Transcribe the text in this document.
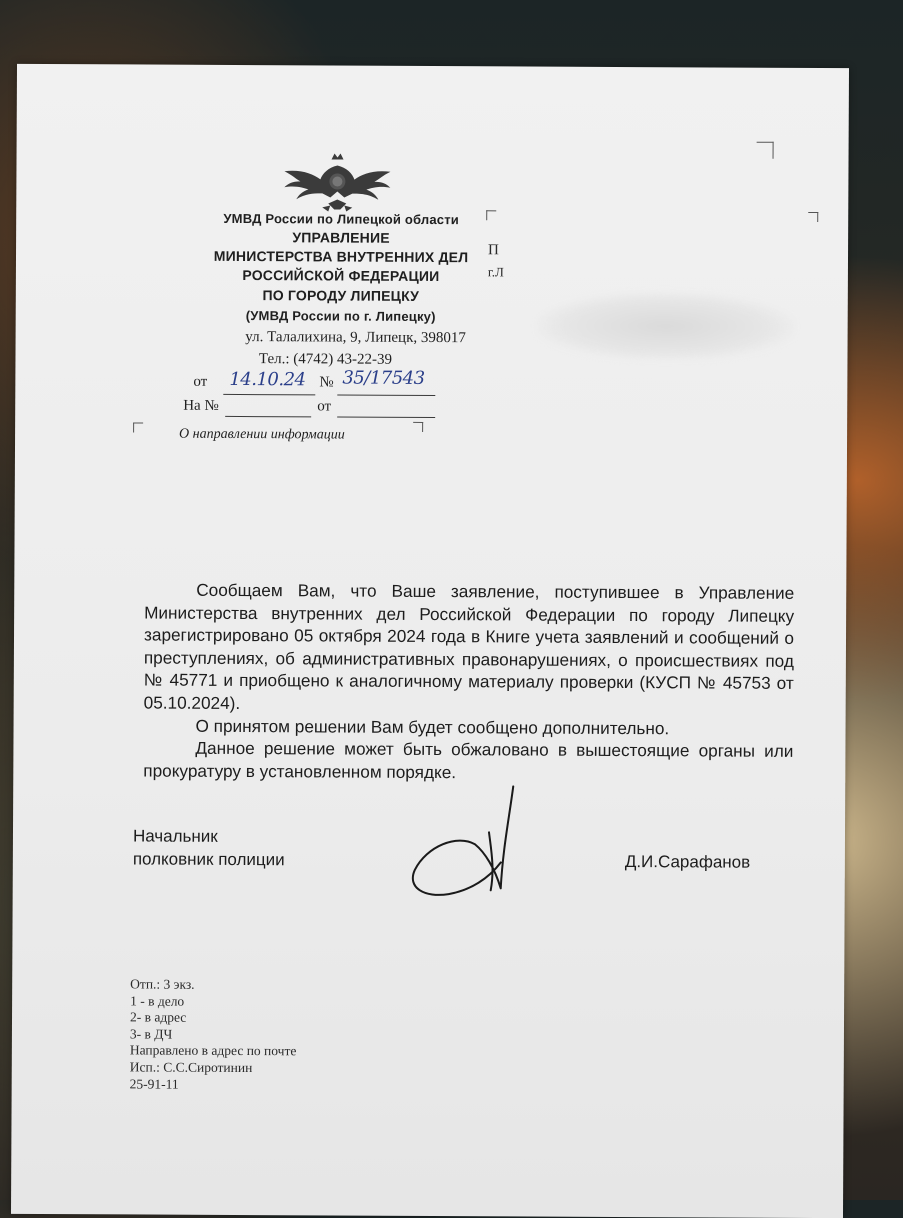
УМВД России по Липецкой области
УПРАВЛЕНИЕ
МИНИСТЕРСТВА ВНУТРЕННИХ ДЕЛ
РОССИЙСКОЙ ФЕДЕРАЦИИ
ПО ГОРОДУ ЛИПЕЦКУ
(УМВД России по г. Липецку)
ул. Талалихина, 9, Липецк, 398017
Тел.: (4742) 43-22-39
от 14.10.24 № 35/17543
На №	от
О направлении информации
П
г.Л

Сообщаем Вам, что Ваше заявление, поступившее в Управление Министерства внутренних дел Российской Федерации по городу Липецку зарегистрировано 05 октября 2024 года в Книге учета заявлений и сообщений о преступлениях, об административных правонарушениях, о происшествиях под № 45771 и приобщено к аналогичному материалу проверки (КУСП № 45753 от 05.10.2024).

О принятом решении Вам будет сообщено дополнительно.

Данное решение может быть обжаловано в вышестоящие органы или прокуратуру в установленном порядке.

Начальник
полковник полиции	Д.И.Сарафанов
Отп.: 3 экз.
1 - в дело
2- в адрес
3- в ДЧ
Направлено в адрес по почте
Исп.: С.С.Сиротинин
25-91-11
